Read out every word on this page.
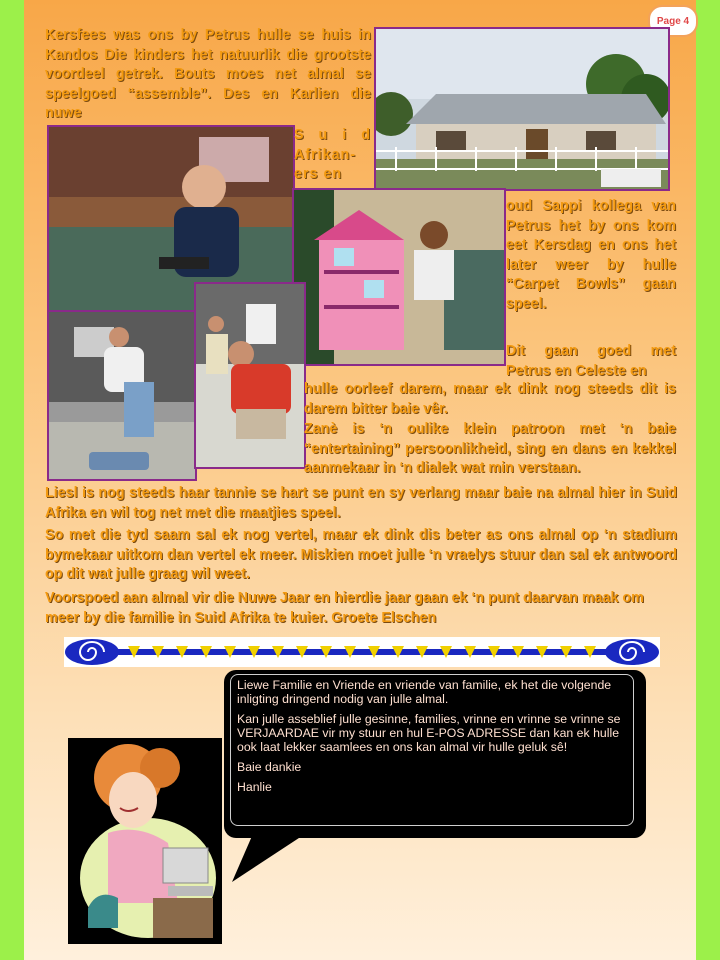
Page 4

Kersfees was ons by Petrus hulle se huis in Kandos Die kinders het natuurlik die grootste voordeel getrek. Bouts moes net almal se speelgoed “assemble”. Des en Karlien die nuwe

S u i d Afrikan-ers en

oud Sappi kollega van Petrus het by ons kom eet Kersdag en ons het later weer by hulle “Carpet Bowls” gaan speel.

Dit gaan goed met Petrus en Celeste en

hulle oorleef darem, maar ek dink nog steeds dit is darem bitter baie vêr.

Zanè is ‘n oulike klein patroon met ‘n baie “entertaining” persoonlikheid, sing en dans en kekkel aanmekaar in ‘n dialek wat min verstaan.

Liesl is nog steeds haar tannie se hart se punt en sy verlang maar baie na almal hier in Suid Afrika en wil tog net met die maatjies speel.

So met die tyd saam sal ek nog vertel, maar ek dink dis beter as ons almal op ‘n stadium bymekaar uitkom dan vertel ek meer. Miskien moet julle ‘n vraelys stuur dan sal ek antwoord op dit wat julle graag wil weet.

Voorspoed aan almal vir die Nuwe Jaar en hierdie jaar gaan ek ‘n punt daarvan maak om meer by die familie in Suid Afrika te kuier. Groete Elschen

Liewe Familie en Vriende en vriende van familie, ek het die volgende inligting dringend nodig van julle almal.

Kan julle asseblief julle gesinne, families, vrinne en vrinne se vrinne se VERJAARDAE vir my stuur en hul E-POS ADRESSE dan kan ek hulle ook laat lekker saamlees en ons kan almal vir hulle geluk sê!

Baie dankie

Hanlie
